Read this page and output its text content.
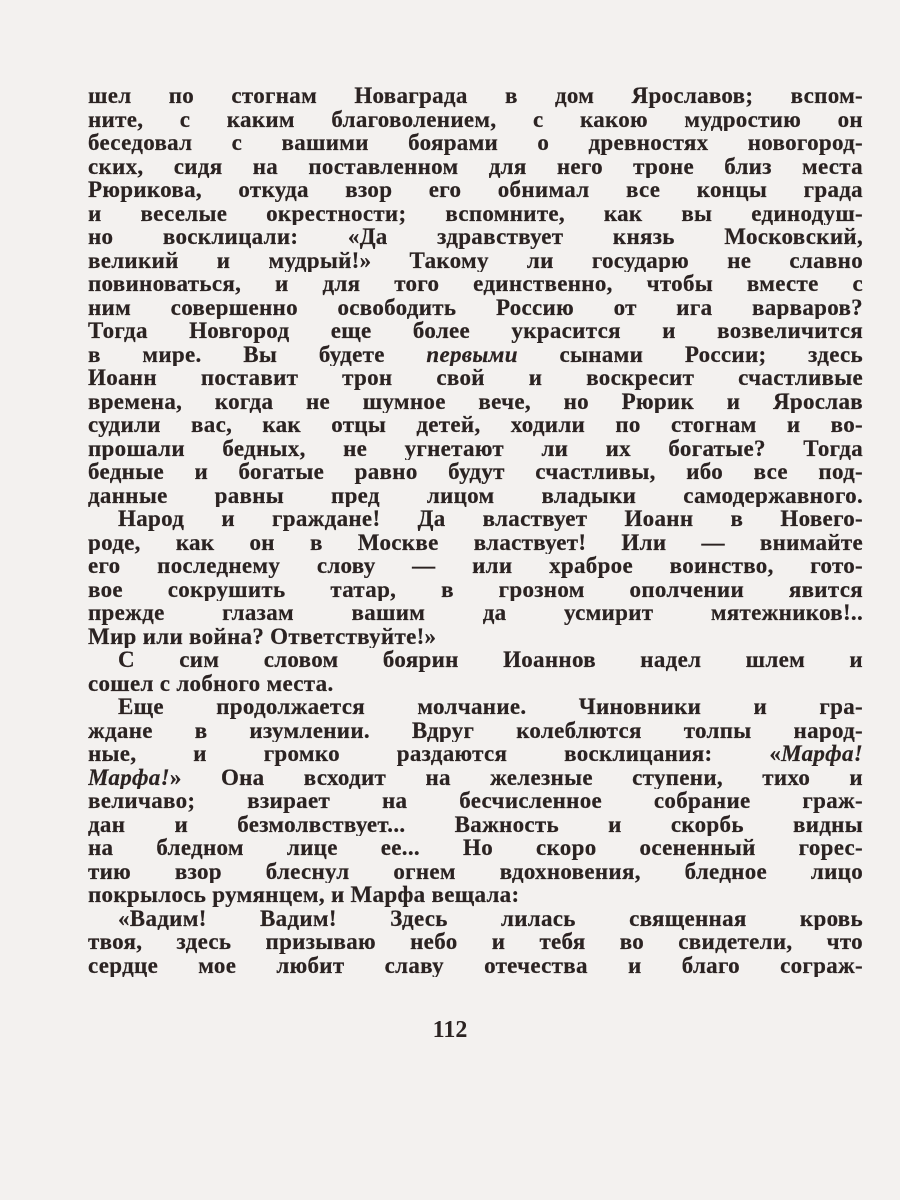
шел по стогнам Новаграда в дом Ярославов; вспом-
ните, с каким благоволением, с какою мудростию он
беседовал с вашими боярами о древностях новогород-
ских, сидя на поставленном для него троне близ места
Рюрикова, откуда взор его обнимал все концы града
и веселые окрестности; вспомните, как вы единодуш-
но восклицали: «Да здравствует князь Московский,
великий и мудрый!» Такому ли государю не славно
повиноваться, и для того единственно, чтобы вместе с
ним совершенно освободить Россию от ига варваров?
Тогда Новгород еще более украсится и возвеличится
в мире. Вы будете первыми сынами России; здесь
Иоанн поставит трон свой и воскресит счастливые
времена, когда не шумное вече, но Рюрик и Ярослав
судили вас, как отцы детей, ходили по стогнам и во-
прошали бедных, не угнетают ли их богатые? Тогда
бедные и богатые равно будут счастливы, ибо все под-
данные равны пред лицом владыки самодержавного.
Народ и граждане! Да властвует Иоанн в Новего-
роде, как он в Москве властвует! Или — внимайте
его последнему слову — или храброе воинство, гото-
вое сокрушить татар, в грозном ополчении явится
прежде глазам вашим да усмирит мятежников!..
Мир или война? Ответствуйте!»
С сим словом боярин Иоаннов надел шлем и
сошел с лобного места.
Еще продолжается молчание. Чиновники и гра-
ждане в изумлении. Вдруг колеблются толпы народ-
ные, и громко раздаются восклицания: «Марфа!
Марфа!» Она всходит на железные ступени, тихо и
величаво; взирает на бесчисленное собрание граж-
дан и безмолвствует... Важность и скорбь видны
на бледном лице ее... Но скоро осененный горес-
тию взор блеснул огнем вдохновения, бледное лицо
покрылось румянцем, и Марфа вещала:
«Вадим! Вадим! Здесь лилась священная кровь
твоя, здесь призываю небо и тебя во свидетели, что
сердце мое любит славу отечества и благо сограж-
112
